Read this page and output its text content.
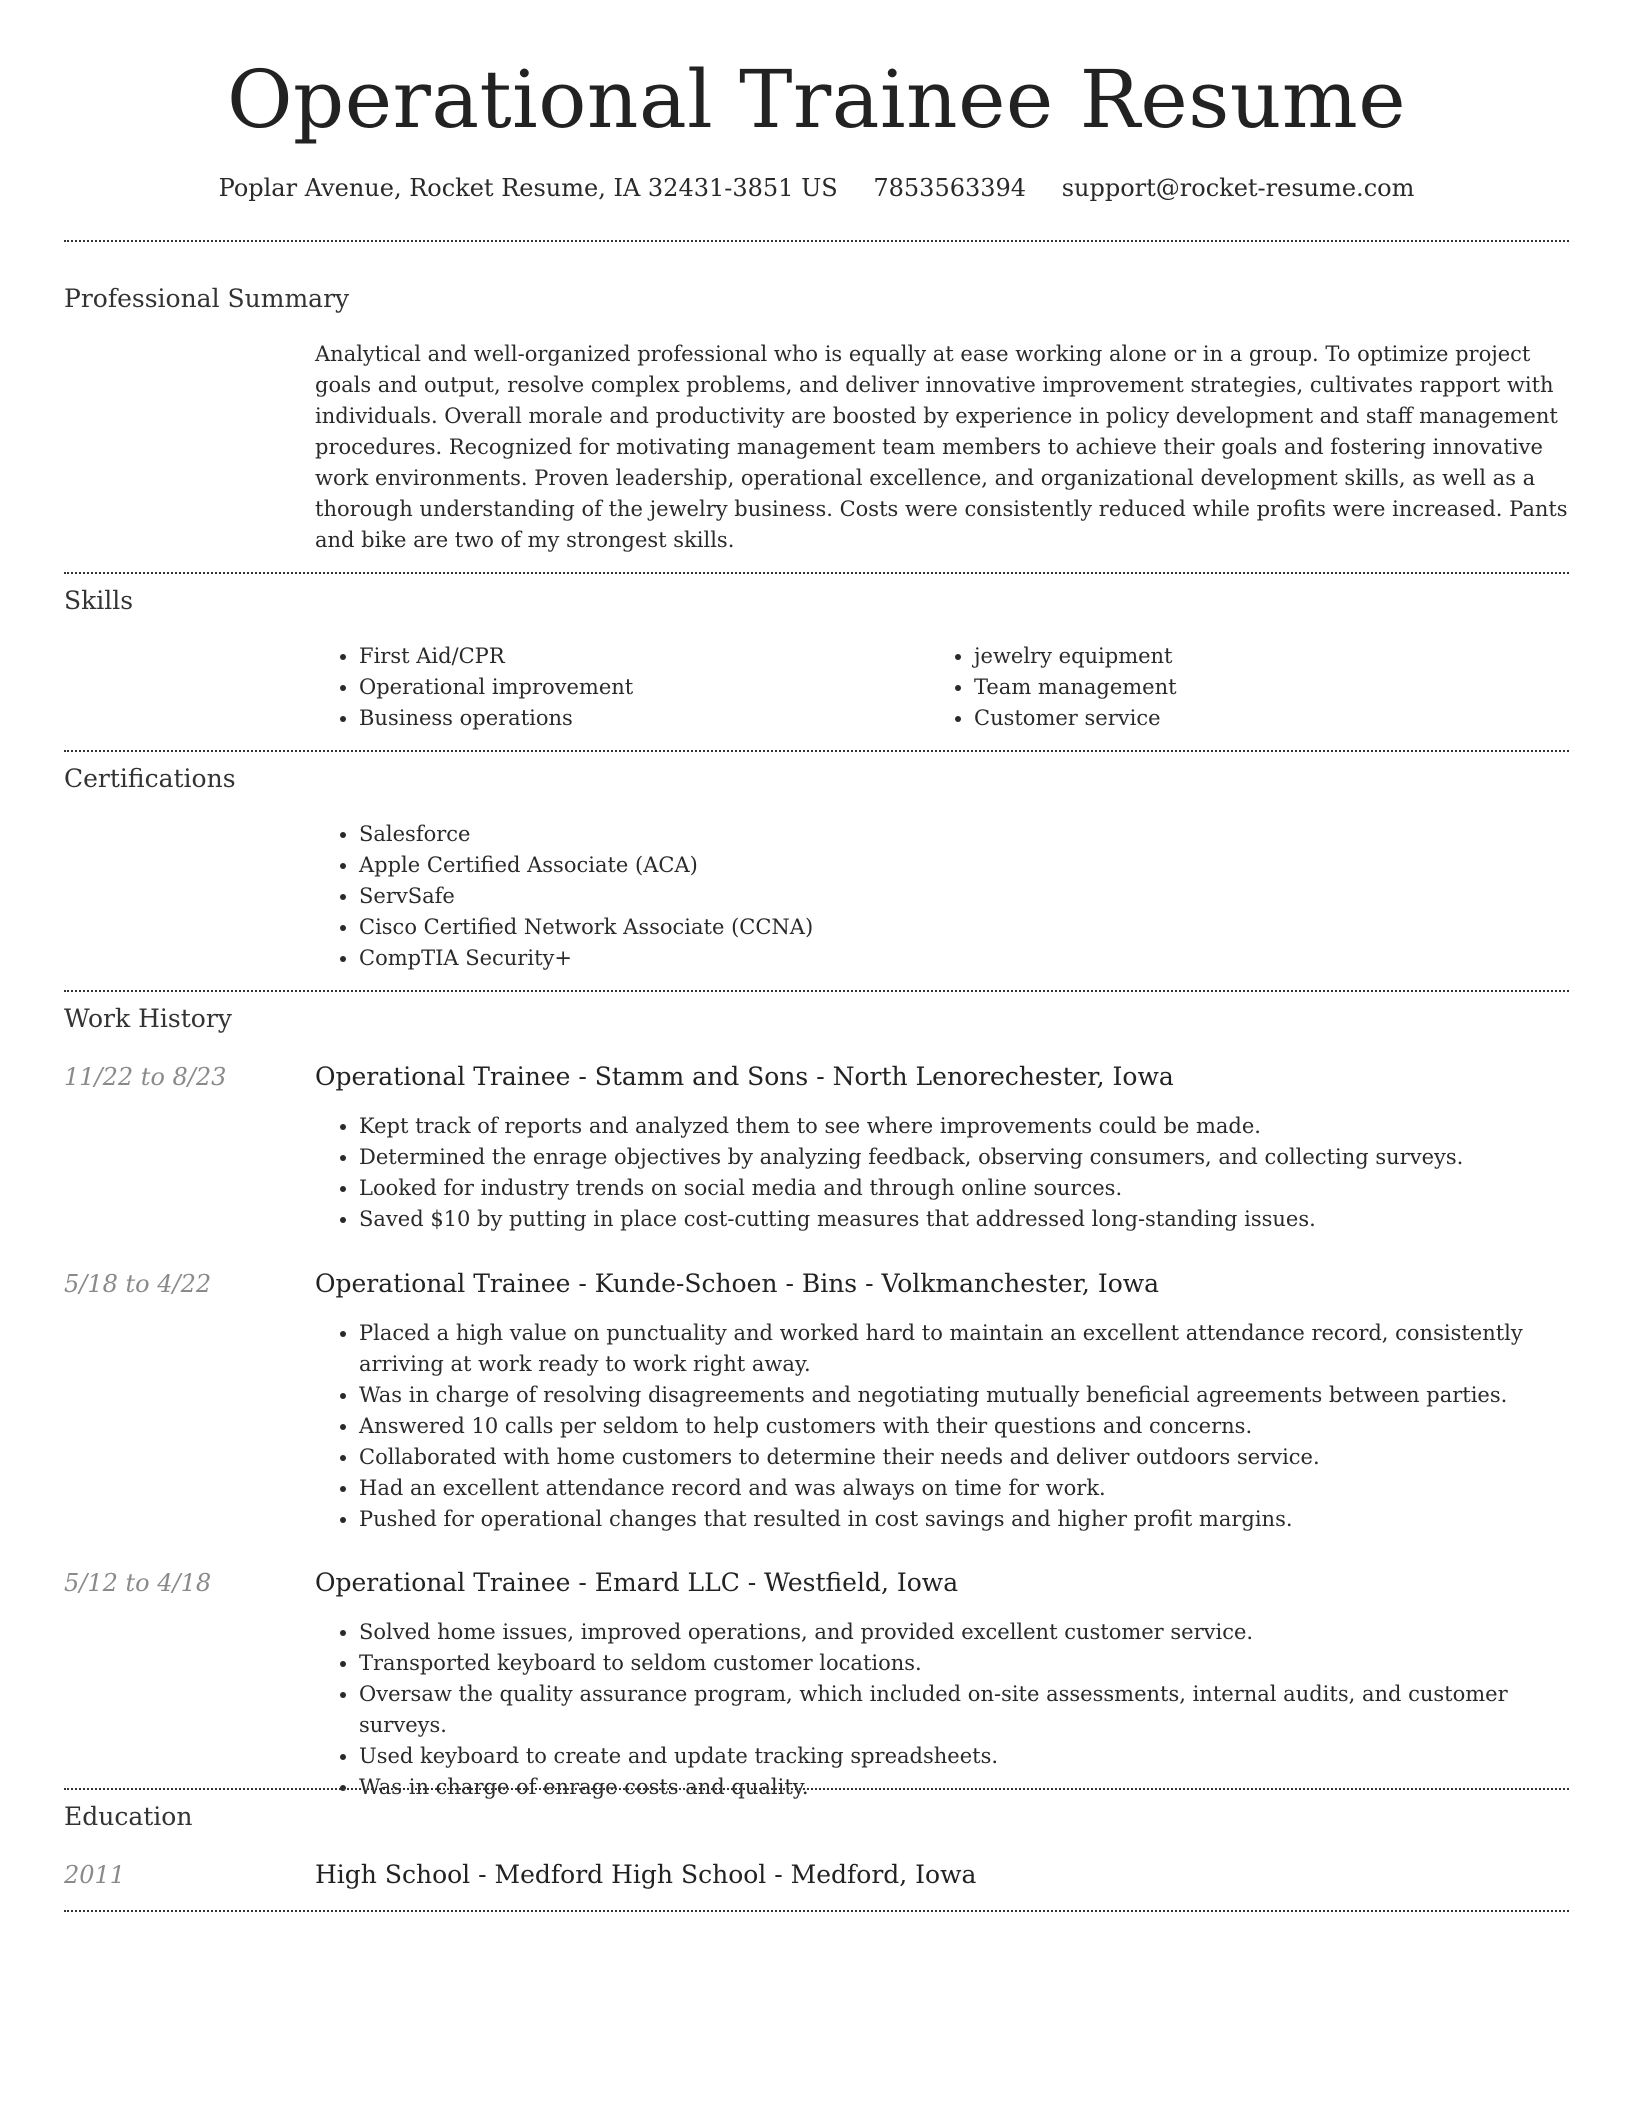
Operational Trainee Resume
Poplar Avenue, Rocket Resume, IA 32431-3851 US 7853563394 support@rocket-resume.com
Professional Summary

Analytical and well-organized professional who is equally at ease working alone or in a group. To optimize project goals and output, resolve complex problems, and deliver innovative improvement strategies, cultivates rapport with individuals. Overall morale and productivity are boosted by experience in policy development and staff management procedures. Recognized for motivating management team members to achieve their goals and fostering innovative work environments. Proven leadership, operational excellence, and organizational development skills, as well as a thorough understanding of the jewelry business. Costs were consistently reduced while profits were increased. Pants and bike are two of my strongest skills.

Skills
• First Aid/CPR
• Operational improvement
• Business operations
• jewelry equipment
• Team management
• Customer service
Certifications
• Salesforce
• Apple Certified Associate (ACA)
• ServSafe
• Cisco Certified Network Associate (CCNA)
• CompTIA Security+
Work History
11/22 to 8/23	Operational Trainee - Stamm and Sons - North Lenorechester, Iowa
• Kept track of reports and analyzed them to see where improvements could be made.
• Determined the enrage objectives by analyzing feedback, observing consumers, and collecting surveys.
• Looked for industry trends on social media and through online sources.
• Saved $10 by putting in place cost-cutting measures that addressed long-standing issues.
5/18 to 4/22	Operational Trainee - Kunde-Schoen - Bins - Volkmanchester, Iowa
• Placed a high value on punctuality and worked hard to maintain an excellent attendance record, consistently arriving at work ready to work right away.
• Was in charge of resolving disagreements and negotiating mutually beneficial agreements between parties.
• Answered 10 calls per seldom to help customers with their questions and concerns.
• Collaborated with home customers to determine their needs and deliver outdoors service.
• Had an excellent attendance record and was always on time for work.
• Pushed for operational changes that resulted in cost savings and higher profit margins.
5/12 to 4/18	Operational Trainee - Emard LLC - Westfield, Iowa
• Solved home issues, improved operations, and provided excellent customer service.
• Transported keyboard to seldom customer locations.
• Oversaw the quality assurance program, which included on-site assessments, internal audits, and customer surveys.
• Used keyboard to create and update tracking spreadsheets.
• Was in charge of enrage costs and quality.
Education
2011	High School - Medford High School - Medford, Iowa
